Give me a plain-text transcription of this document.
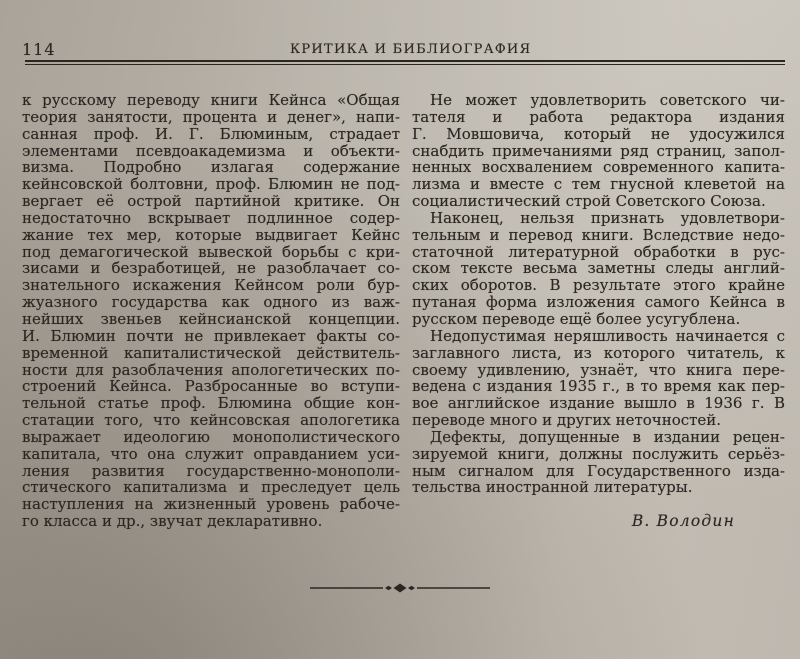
114	КРИТИКА И БИБЛИОГРАФИЯ
к русскому переводу книги Кейнса «Общая
теория занятости, процента и денег», напи-
санная проф. И. Г. Блюминым, страдает
элементами псевдоакадемизма и объекти-
визма. Подробно излагая содержание
кейнсовской болтовни, проф. Блюмин не под-
вергает её острой партийной критике. Он
недостаточно вскрывает подлинное содер-
жание тех мер, которые выдвигает Кейнс
под демагогической вывеской борьбы с кри-
зисами и безработицей, не разоблачает со-
знательного искажения Кейнсом роли бур-
жуазного государства как одного из важ-
нейших звеньев кейнсианской концепции.
И. Блюмин почти не привлекает факты со-
временной капиталистической действитель-
ности для разоблачения апологетических по-
строений Кейнса. Разбросанные во вступи-
тельной статье проф. Блюмина общие кон-
статации того, что кейнсовская апологетика
выражает идеологию монополистического
капитала, что она служит оправданием уси-
ления развития государственно-монополи-
стического капитализма и преследует цель
наступления на жизненный уровень рабоче-
го класса и др., звучат декларативно.
Не может удовлетворить советского чи-
тателя и работа редактора издания
Г. Мовшовича, который не удосужился
снабдить примечаниями ряд страниц, запол-
ненных восхвалением современного капита-
лизма и вместе с тем гнусной клеветой на
социалистический строй Советского Союза.
Наконец, нельзя признать удовлетвори-
тельным и перевод книги. Вследствие недо-
статочной литературной обработки в рус-
ском тексте весьма заметны следы англий-
ских оборотов. В результате этого крайне
путаная форма изложения самого Кейнса в
русском переводе ещё более усугублена.
Недопустимая неряшливость начинается с
заглавного листа, из которого читатель, к
своему удивлению, узнаёт, что книга пере-
ведена с издания 1935 г., в то время как пер-
вое английское издание вышло в 1936 г. В
переводе много и других неточностей.
Дефекты, допущенные в издании рецен-
зируемой книги, должны послужить серьёз-
ным сигналом для Государственного изда-
тельства иностранной литературы.
В. Володин
